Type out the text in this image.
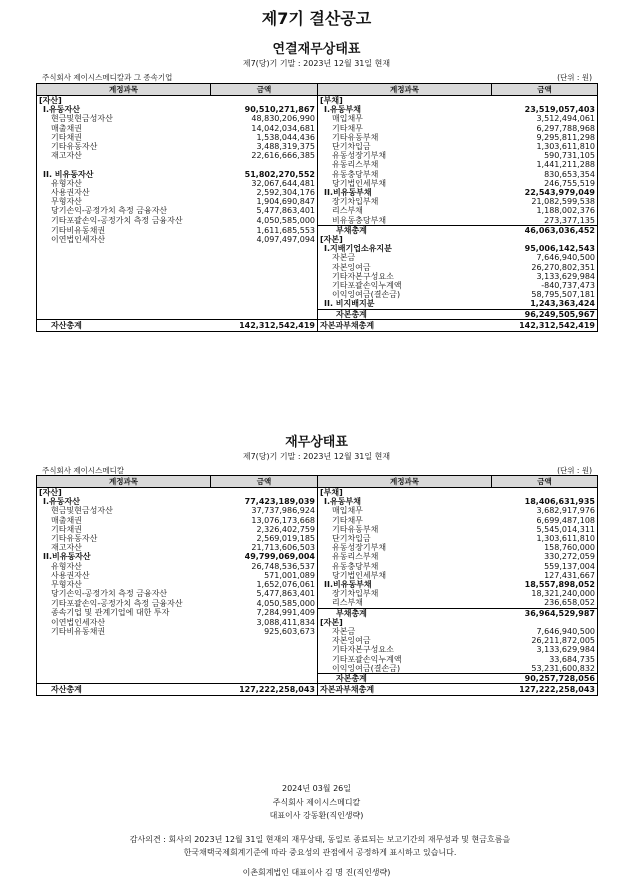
제7기 결산공고
연결재무상태표
제7(당)기 기말 : 2023년 12월 31일 현재
주식회사 제이시스메디칼과 그 종속기업	(단위 : 원)
계정과목	금액	계정과목	금액
[자산]		[부채]	
I.유동자산	90,510,271,867	I.유동부채	23,519,057,403
현금및현금성자산	48,830,206,990	매입채무	3,512,494,061
매출채권	14,042,034,681	기타채무	6,297,788,968
기타채권	1,538,044,436	기타유동부채	9,295,811,298
기타유동자산	3,488,319,375	단기차입금	1,303,611,810
재고자산	22,616,666,385	유동성장기부채	590,731,105
		유동리스부채	1,441,211,288
II. 비유동자산	51,802,270,552	유동충당부채	830,653,354
유형자산	32,067,644,481	당기법인세부채	246,755,519
사용권자산	2,592,304,176	II.비유동부채	22,543,979,049
무형자산	1,904,690,847	장기차입부채	21,082,599,538
당기손익-공정가치 측정 금융자산	5,477,863,401	리스부채	1,188,002,376
기타포괄손익-공정가치 측정 금융자산	4,050,585,000	비유동충당부채	273,377,135
기타비유동채권	1,611,685,553	부채총계	46,063,036,452
이연법인세자산	4,097,497,094	[자본]	
		I.지배기업소유지분	95,006,142,543
		자본금	7,646,940,500
		자본잉여금	26,270,802,351
		기타자본구성요소	3,133,629,984
		기타포괄손익누계액	-840,737,473
		이익잉여금(결손금)	58,795,507,181
		II. 비지배지분	1,243,363,424
		자본총계	96,249,505,967
자산총계	142,312,542,419	자본과부채총계	142,312,542,419
재무상태표
제7(당)기 기말 : 2023년 12월 31일 현재
주식회사 제이시스메디칼	(단위 : 원)
계정과목	금액	계정과목	금액
[자산]		[부채]	
I.유동자산	77,423,189,039	I.유동부채	18,406,631,935
현금및현금성자산	37,737,986,924	매입채무	3,682,917,976
매출채권	13,076,173,668	기타채무	6,699,487,108
기타채권	2,326,402,759	기타유동부채	5,545,014,311
기타유동자산	2,569,019,185	단기차입금	1,303,611,810
재고자산	21,713,606,503	유동성장기부채	158,760,000
II.비유동자산	49,799,069,004	유동리스부채	330,272,059
유형자산	26,748,536,537	유동충당부채	559,137,004
사용권자산	571,001,089	당기법인세부채	127,431,667
무형자산	1,652,076,061	II.비유동부채	18,557,898,052
당기손익-공정가치 측정 금융자산	5,477,863,401	장기차입부채	18,321,240,000
기타포괄손익-공정가치 측정 금융자산	4,050,585,000	리스부채	236,658,052
종속기업 및 관계기업에 대한 투자	7,284,991,409	부채총계	36,964,529,987
이연법인세자산	3,088,411,834	[자본]	
기타비유동채권	925,603,673	자본금	7,646,940,500
		자본잉여금	26,211,872,005
		기타자본구성요소	3,133,629,984
		기타포괄손익누계액	33,684,735
		이익잉여금(결손금)	53,231,600,832
		자본총계	90,257,728,056
자산총계	127,222,258,043	자본과부채총계	127,222,258,043
2024년 03월 26일
주식회사 제이시스메디칼
대표이사 강동환(직인생략)
감사의견 : 회사의 2023년 12월 31일 현재의 재무상태, 동일로 종료되는 보고기간의 재무성과 및 현금흐름을
한국채택국제회계기준에 따라 중요성의 관점에서 공정하게 표시하고 있습니다.
이촌회계법인 대표이사 김 명 진(직인생략)
